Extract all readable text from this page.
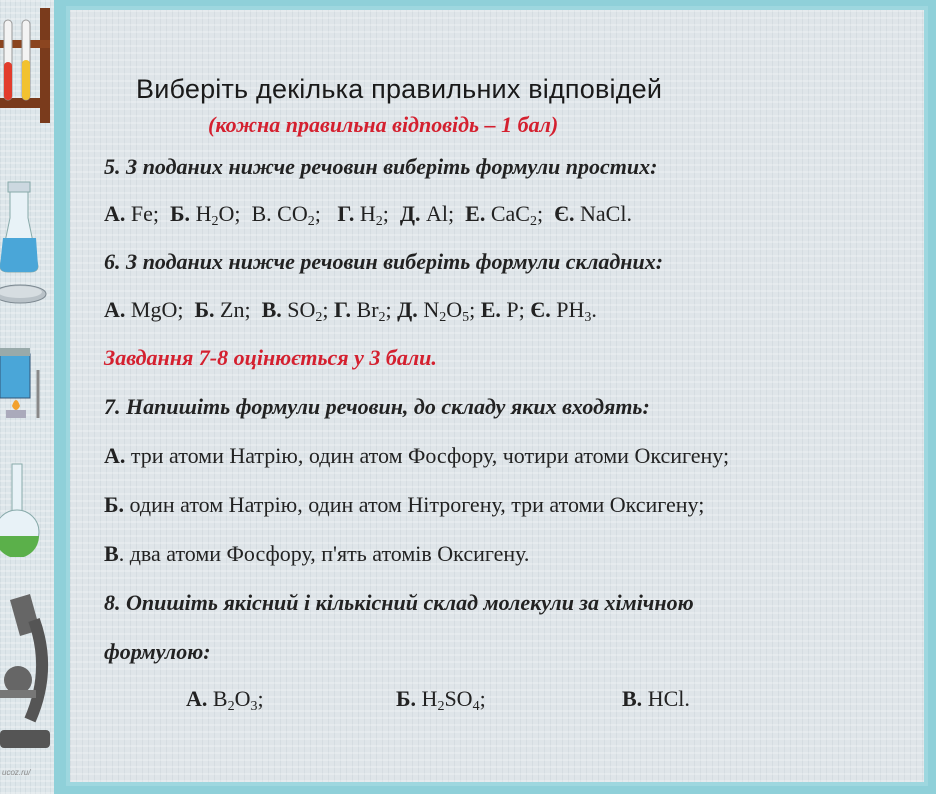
ucoz.ru/
Виберіть декілька правильних відповідей
(кожна правильна відповідь – 1 бал)
5. З поданих нижче речовин виберіть формули простих:
А. Fe; Б. $H_2O$; В. $CO_2$; Г. $H_2$; Д. Al; Е. CaC$_2$; Є. NaCl.
6. З поданих нижче речовин виберіть формули складних:
А. MgO; Б. Zn; В. $SO_2$; Г. $Br_2$; Д. $N_2O_5$; Е. P; Є. $PH_3$.
Завдання 7-8 оцінюється у 3 бали.
7. Напишіть формули речовин, до складу яких входять:
А. три атоми Натрію, один атом Фосфору, чотири атоми Оксигену;
Б. один атом Натрію, один атом Нітрогену, три атоми Оксигену;
В. два атоми Фосфору, п'ять атомів Оксигену.
8. Опишіть якісний і кількісний склад молекули за хімічною
формулою:
А. $B_2O_3$;	Б. $H_2SO_4$;	В. HCl.
